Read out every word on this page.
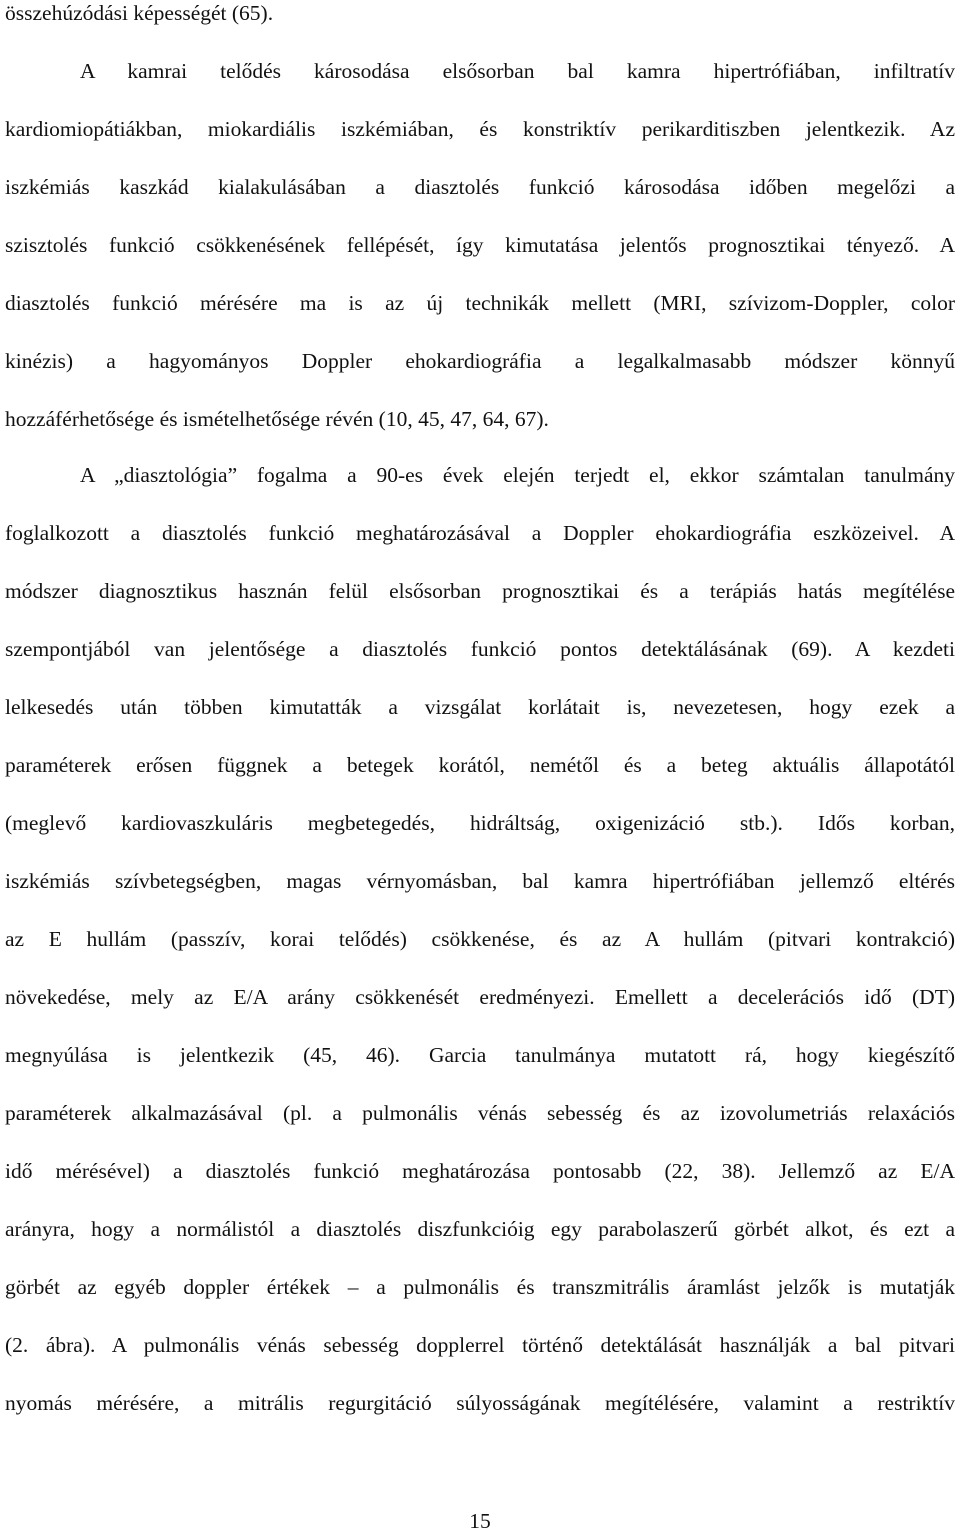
összehúzódási képességét (65).
A kamrai telődés károsodása elsősorban bal kamra hipertrófiában, infiltratív
kardiomiopátiákban, miokardiális iszkémiában, és konstriktív perikarditiszben jelentkezik. Az
iszkémiás kaszkád kialakulásában a diasztolés funkció károsodása időben megelőzi a
szisztolés funkció csökkenésének fellépését, így kimutatása jelentős prognosztikai tényező. A
diasztolés funkció mérésére ma is az új technikák mellett (MRI, szívizom-Doppler, color
kinézis) a hagyományos Doppler ehokardiográfia a legalkalmasabb módszer könnyű
hozzáférhetősége és ismételhetősége révén (10, 45, 47, 64, 67).
A „diasztológia” fogalma a 90-es évek elején terjedt el, ekkor számtalan tanulmány
foglalkozott a diasztolés funkció meghatározásával a Doppler ehokardiográfia eszközeivel. A
módszer diagnosztikus hasznán felül elsősorban prognosztikai és a terápiás hatás megítélése
szempontjából van jelentősége a diasztolés funkció pontos detektálásának (69). A kezdeti
lelkesedés után többen kimutatták a vizsgálat korlátait is, nevezetesen, hogy ezek a
paraméterek erősen függnek a betegek korától, nemétől és a beteg aktuális állapotától
(meglevő kardiovaszkuláris megbetegedés, hidráltság, oxigenizáció stb.). Idős korban,
iszkémiás szívbetegségben, magas vérnyomásban, bal kamra hipertrófiában jellemző eltérés
az E hullám (passzív, korai telődés) csökkenése, és az A hullám (pitvari kontrakció)
növekedése, mely az E/A arány csökkenését eredményezi. Emellett a decelerációs idő (DT)
megnyúlása is jelentkezik (45, 46). Garcia tanulmánya mutatott rá, hogy kiegészítő
paraméterek alkalmazásával (pl. a pulmonális vénás sebesség és az izovolumetriás relaxációs
idő mérésével) a diasztolés funkció meghatározása pontosabb (22, 38). Jellemző az E/A
arányra, hogy a normálistól a diasztolés diszfunkcióig egy parabolaszerű görbét alkot, és ezt a
görbét az egyéb doppler értékek – a pulmonális és transzmitrális áramlást jelzők is mutatják
(2. ábra). A pulmonális vénás sebesség dopplerrel történő detektálását használják a bal pitvari
nyomás mérésére, a mitrális regurgitáció súlyosságának megítélésére, valamint a restriktív
15
